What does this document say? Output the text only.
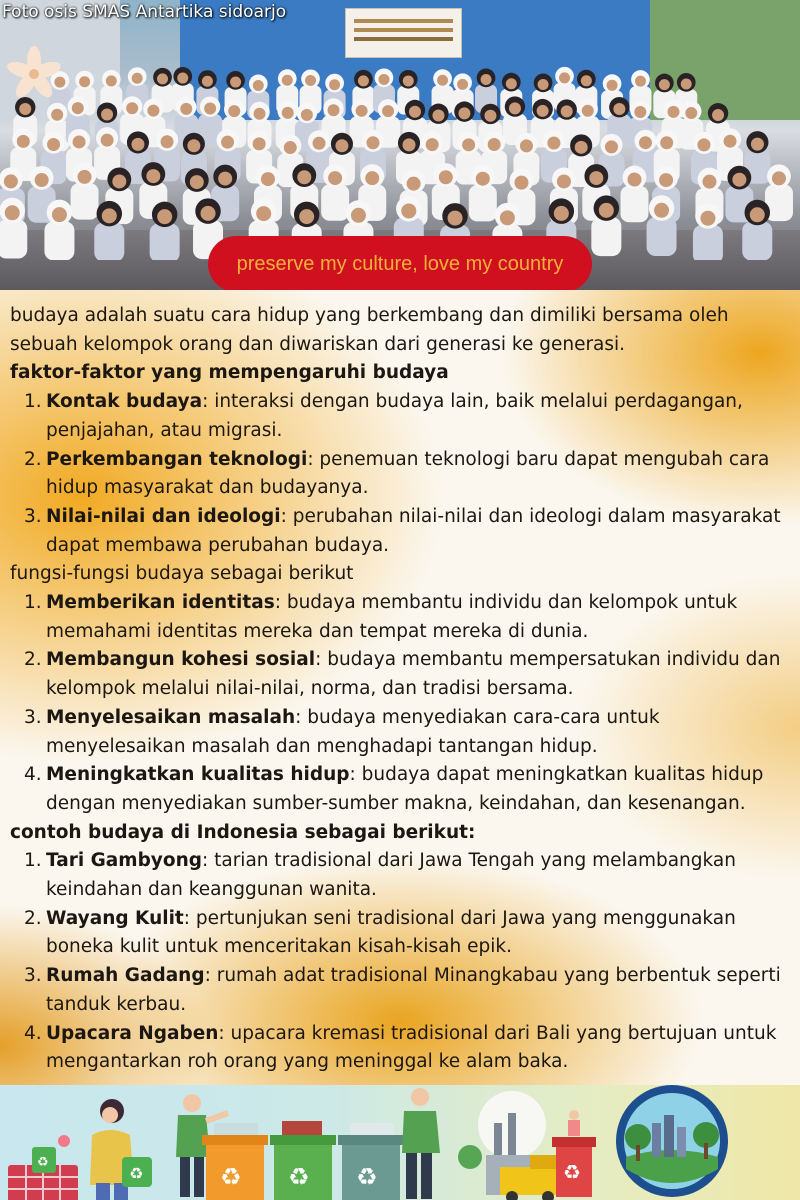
Foto osis SMAS Antartika sidoarjo

preserve my culture, love my country

budaya adalah suatu cara hidup yang berkembang dan dimiliki bersama oleh sebuah kelompok orang dan diwariskan dari generasi ke generasi.

faktor-faktor yang mempengaruhi budaya

1. Kontak budaya: interaksi dengan budaya lain, baik melalui perdagangan, penjajahan, atau migrasi.
2. Perkembangan teknologi: penemuan teknologi baru dapat mengubah cara hidup masyarakat dan budayanya.
3. Nilai-nilai dan ideologi: perubahan nilai-nilai dan ideologi dalam masyarakat dapat membawa perubahan budaya.

fungsi-fungsi budaya sebagai berikut

1. Memberikan identitas: budaya membantu individu dan kelompok untuk memahami identitas mereka dan tempat mereka di dunia.
2. Membangun kohesi sosial: budaya membantu mempersatukan individu dan kelompok melalui nilai-nilai, norma, dan tradisi bersama.
3. Menyelesaikan masalah: budaya menyediakan cara-cara untuk menyelesaikan masalah dan menghadapi tantangan hidup.
4. Meningkatkan kualitas hidup: budaya dapat meningkatkan kualitas hidup dengan menyediakan sumber-sumber makna, keindahan, dan kesenangan.

contoh budaya di Indonesia sebagai berikut:

1. Tari Gambyong: tarian tradisional dari Jawa Tengah yang melambangkan keindahan dan keanggunan wanita.
2. Wayang Kulit: pertunjukan seni tradisional dari Jawa yang menggunakan boneka kulit untuk menceritakan kisah-kisah epik.
3. Rumah Gadang: rumah adat tradisional Minangkabau yang berbentuk seperti tanduk kerbau.
4. Upacara Ngaben: upacara kremasi tradisional dari Bali yang bertujuan untuk mengantarkan roh orang yang meninggal ke alam baka.
♻
♻
♻ ♻ ♻	♻
